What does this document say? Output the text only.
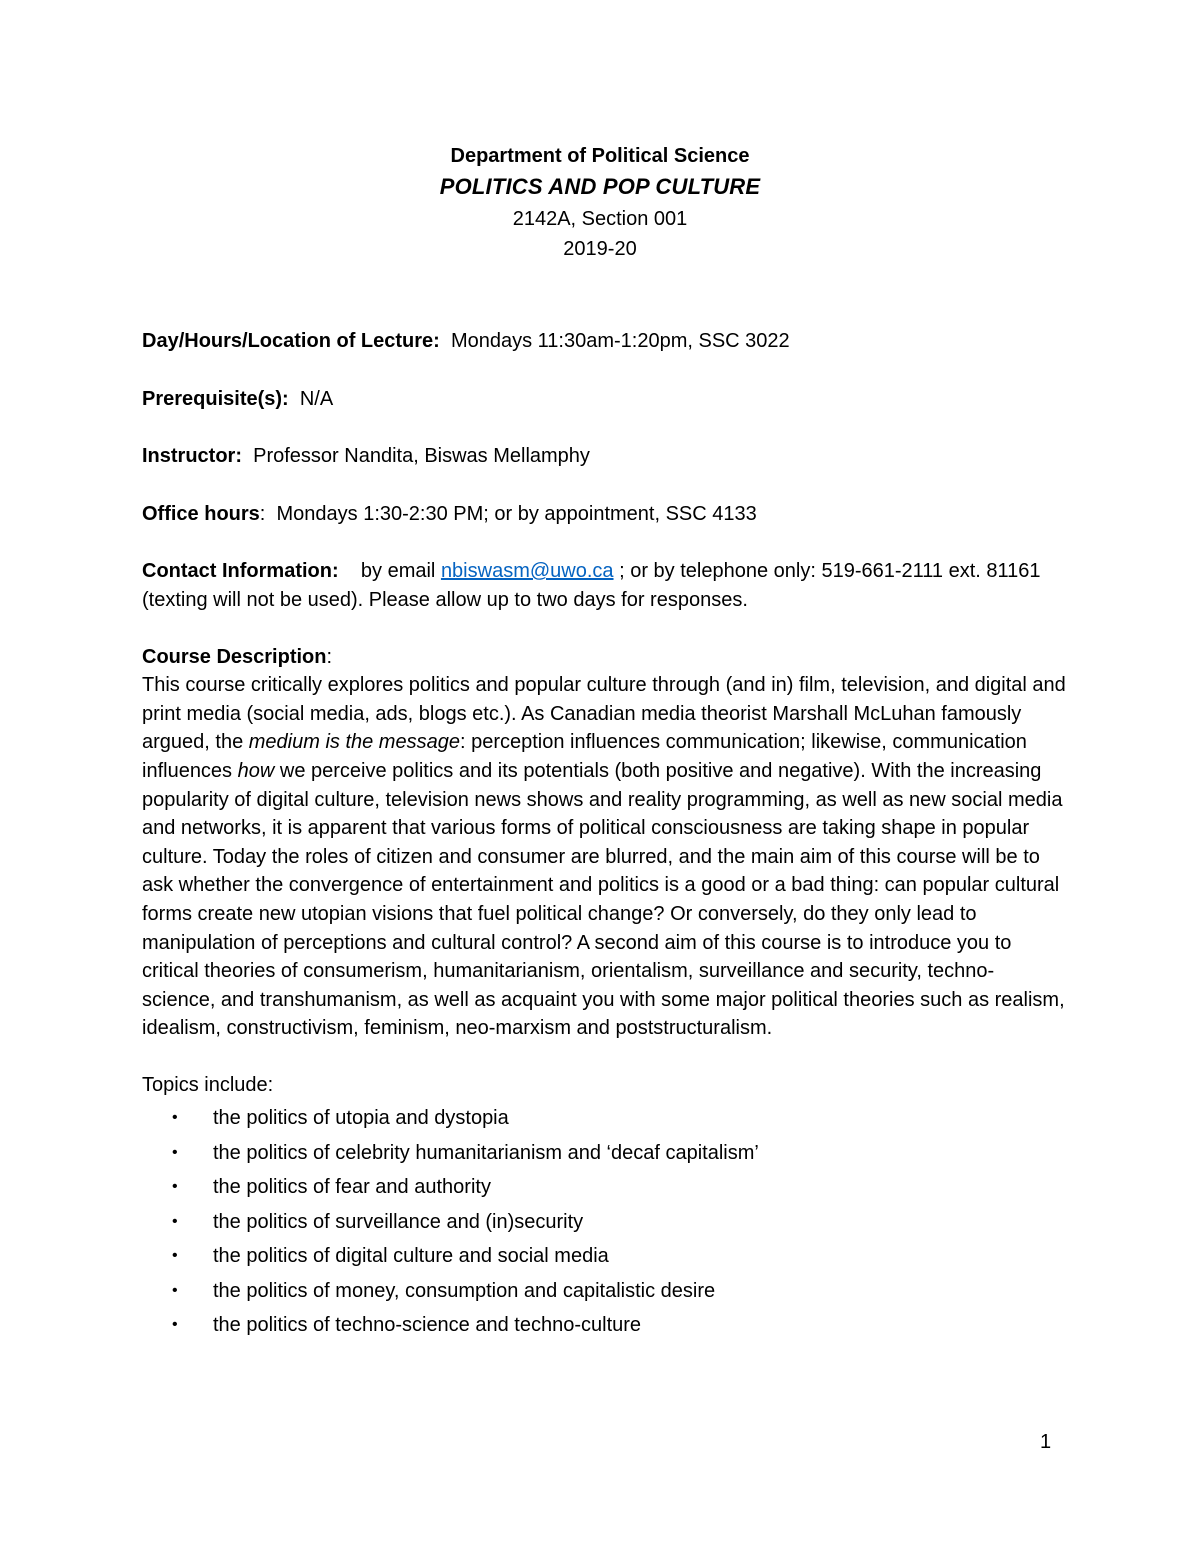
Department of Political Science
POLITICS AND POP CULTURE
2142A, Section 001
2019-20

Day/Hours/Location of Lecture: Mondays 11:30am-1:20pm, SSC 3022

Prerequisite(s): N/A

Instructor: Professor Nandita, Biswas Mellamphy

Office hours: Mondays 1:30-2:30 PM; or by appointment, SSC 4133

Contact Information: by email nbiswasm@uwo.ca ; or by telephone only: 519-661-2111 ext. 81161 (texting will not be used). Please allow up to two days for responses.

Course Description:

This course critically explores politics and popular culture through (and in) film, television, and digital and print media (social media, ads, blogs etc.). As Canadian media theorist Marshall McLuhan famously argued, the medium is the message: perception influences communication; likewise, communication influences how we perceive politics and its potentials (both positive and negative). With the increasing popularity of digital culture, television news shows and reality programming, as well as new social media and networks, it is apparent that various forms of political consciousness are taking shape in popular culture. Today the roles of citizen and consumer are blurred, and the main aim of this course will be to ask whether the convergence of entertainment and politics is a good or a bad thing: can popular cultural forms create new utopian visions that fuel political change? Or conversely, do they only lead to manipulation of perceptions and cultural control? A second aim of this course is to introduce you to critical theories of consumerism, humanitarianism, orientalism, surveillance and security, techno-science, and transhumanism, as well as acquaint you with some major political theories such as realism, idealism, constructivism, feminism, neo-marxism and poststructuralism.

Topics include:
• the politics of utopia and dystopia
• the politics of celebrity humanitarianism and ‘decaf capitalism’
• the politics of fear and authority
• the politics of surveillance and (in)security
• the politics of digital culture and social media
• the politics of money, consumption and capitalistic desire
• the politics of techno-science and techno-culture
1
